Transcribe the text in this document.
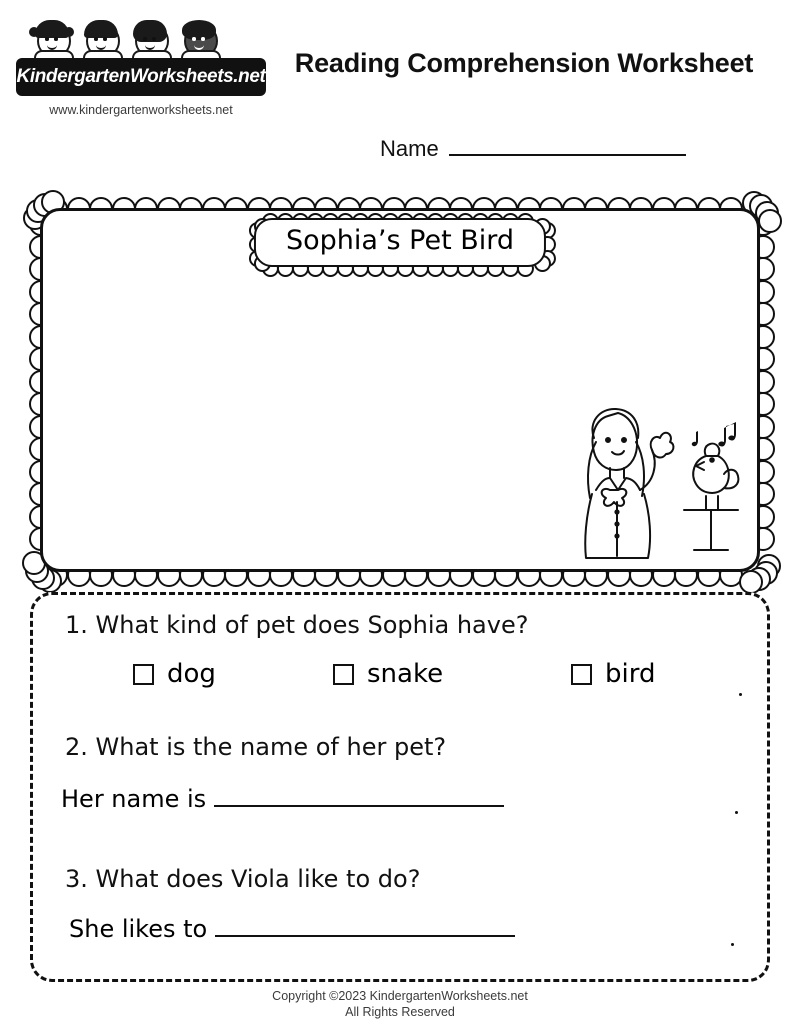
KindergartenWorksheets.net
www.kindergartenworksheets.net
Reading Comprehension Worksheet
Name
Sophia’s Pet Bird
1. What kind of pet does Sophia have?
dog	snake	bird
2. What is the name of her pet?
Her name is
3. What does Viola like to do?
She likes to
Copyright ©2023 KindergartenWorksheets.net
All Rights Reserved
